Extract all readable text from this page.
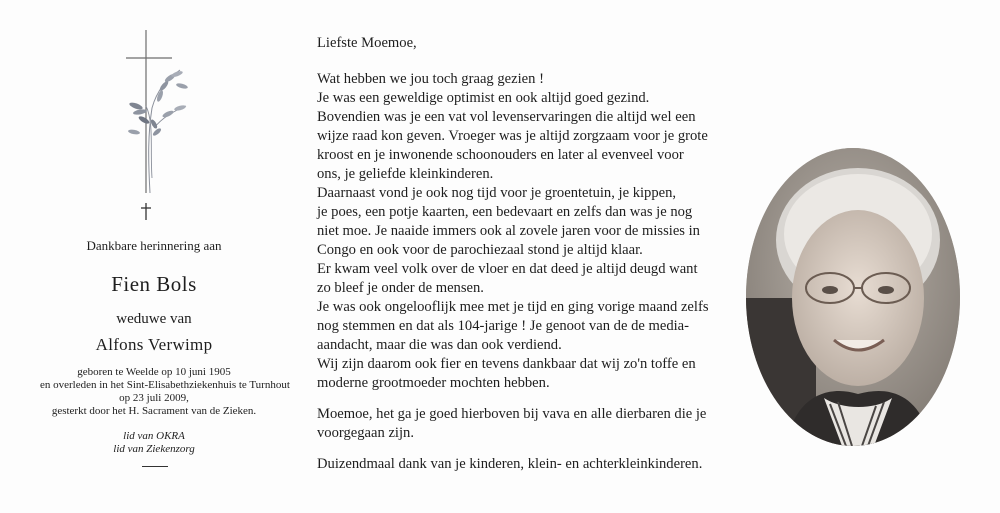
Dankbare herinnering aan
Fien Bols
weduwe van
Alfons Verwimp
geboren te Weelde op 10 juni 1905
en overleden in het Sint-Elisabethziekenhuis te Turnhout
op 23 juli 2009,
gesterkt door het H. Sacrament van de Zieken.
lid van OKRA
lid van Ziekenzorg
Liefste Moemoe,
Wat hebben we jou toch graag gezien !
Je was een geweldige optimist en ook altijd goed gezind.
Bovendien was je een vat vol levenservaringen die altijd wel een
wijze raad kon geven. Vroeger was je altijd zorgzaam voor je grote
kroost en je inwonende schoonouders en later al evenveel voor
ons, je geliefde kleinkinderen.
Daarnaast vond je ook nog tijd voor je groentetuin, je kippen,
je poes, een potje kaarten, een bedevaart en zelfs dan was je nog
niet moe. Je naaide immers ook al zovele jaren voor de missies in
Congo en ook voor de parochiezaal stond je altijd klaar.
Er kwam veel volk over de vloer en dat deed je altijd deugd want
zo bleef je onder de mensen.
Je was ook ongelooflijk mee met je tijd en ging vorige maand zelfs
nog stemmen en dat als 104-jarige ! Je genoot van de de media-
aandacht, maar die was dan ook verdiend.
Wij zijn daarom ook fier en tevens dankbaar dat wij zo'n toffe en
moderne grootmoeder mochten hebben.
Moemoe, het ga je goed hierboven bij vava en alle dierbaren die je
voorgegaan zijn.
Duizendmaal dank van je kinderen, klein- en achterkleinkinderen.
